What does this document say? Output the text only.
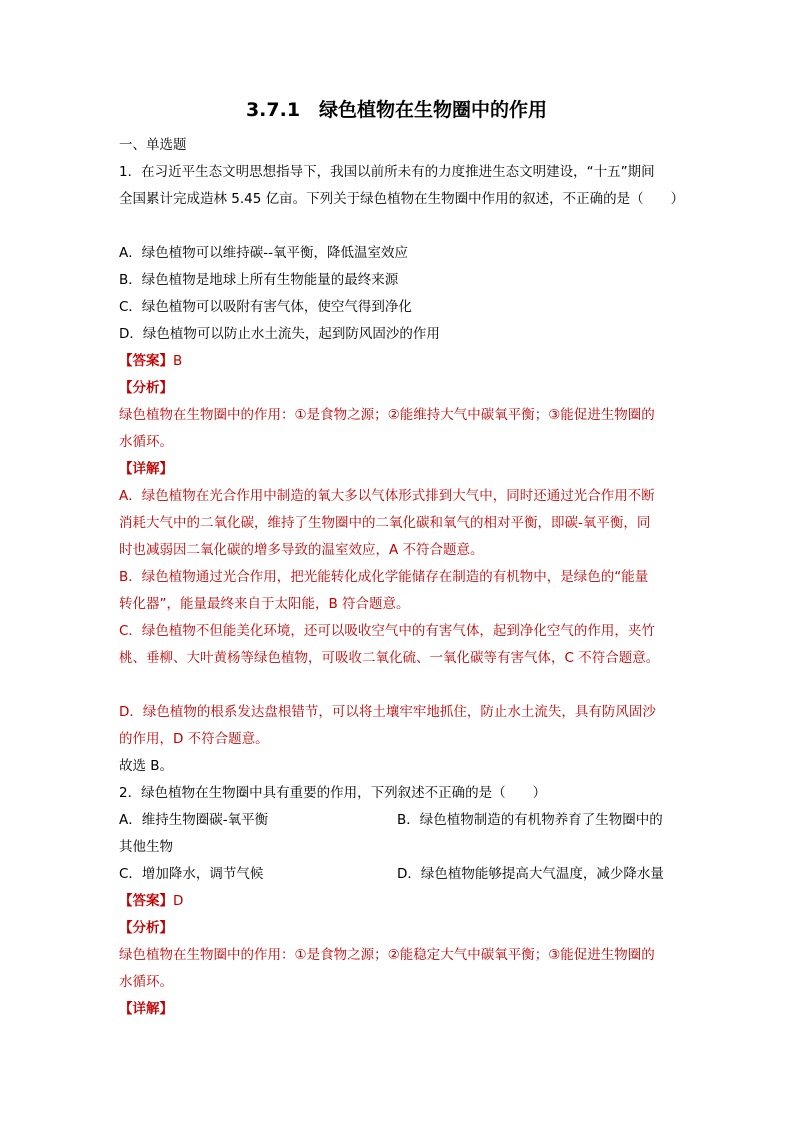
3.7.1　绿色植物在生物圈中的作用
一、单选题
1．在习近平生态文明思想指导下，我国以前所未有的力度推进生态文明建设，“十五”期间
全国累计完成造林 5.45 亿亩。下列关于绿色植物在生物圈中作用的叙述，不正确的是（　　）
A．绿色植物可以维持碳--氧平衡，降低温室效应
B．绿色植物是地球上所有生物能量的最终来源
C．绿色植物可以吸附有害气体，使空气得到净化
D．绿色植物可以防止水土流失，起到防风固沙的作用
【答案】B
【分析】
绿色植物在生物圈中的作用：①是食物之源；②能维持大气中碳氧平衡；③能促进生物圈的
水循环。
【详解】
A．绿色植物在光合作用中制造的氧大多以气体形式排到大气中，同时还通过光合作用不断
消耗大气中的二氧化碳，维持了生物圈中的二氧化碳和氧气的相对平衡，即碳-氧平衡，同
时也减弱因二氧化碳的增多导致的温室效应，A 不符合题意。
B．绿色植物通过光合作用，把光能转化成化学能储存在制造的有机物中，是绿色的“能量
转化器”，能量最终来自于太阳能，B 符合题意。
C．绿色植物不但能美化环境，还可以吸收空气中的有害气体，起到净化空气的作用，夹竹
桃、垂柳、大叶黄杨等绿色植物，可吸收二氧化硫、一氧化碳等有害气体，C 不符合题意。
D．绿色植物的根系发达盘根错节，可以将土壤牢牢地抓住，防止水土流失，具有防风固沙
的作用，D 不符合题意。
故选 B。
2．绿色植物在生物圈中具有重要的作用，下列叙述不正确的是（　　）
A．维持生物圈碳-氧平衡	B．绿色植物制造的有机物养育了生物圈中的
其他生物
C．增加降水，调节气候	D．绿色植物能够提高大气温度，减少降水量
【答案】D
【分析】
绿色植物在生物圈中的作用：①是食物之源；②能稳定大气中碳氧平衡；③能促进生物圈的
水循环。
【详解】
